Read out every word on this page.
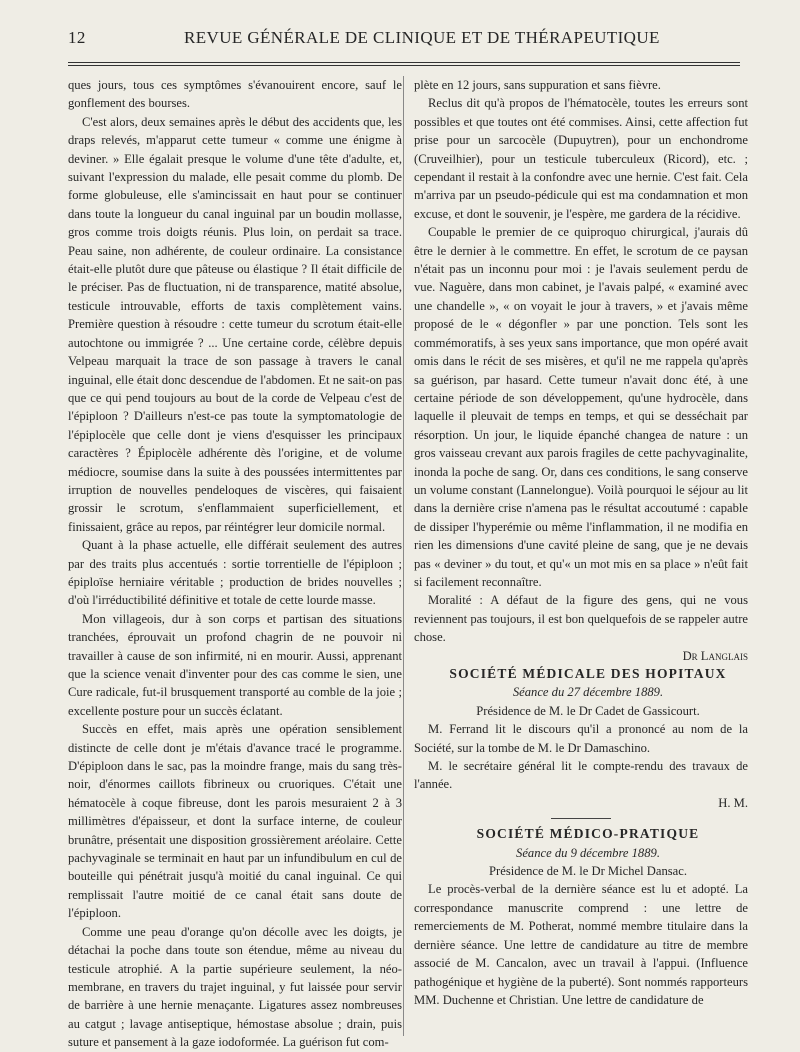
12	REVUE GÉNÉRALE DE CLINIQUE ET DE THÉRAPEUTIQUE

ques jours, tous ces symptômes s'évanouirent encore, sauf le gonflement des bourses.

C'est alors, deux semaines après le début des accidents que, les draps relevés, m'apparut cette tumeur « comme une énigme à deviner. » Elle égalait presque le volume d'une tête d'adulte, et, suivant l'expression du malade, elle pesait comme du plomb. De forme globuleuse, elle s'amincissait en haut pour se continuer dans toute la longueur du canal inguinal par un boudin mollasse, gros comme trois doigts réunis. Plus loin, on perdait sa trace. Peau saine, non adhérente, de couleur ordinaire. La consistance était-elle plutôt dure que pâteuse ou élastique ? Il était difficile de le préciser. Pas de fluctuation, ni de transparence, matité absolue, testicule introuvable, efforts de taxis complètement vains. Première question à résoudre : cette tumeur du scrotum était-elle autochtone ou immigrée ? ... Une certaine corde, célèbre depuis Velpeau marquait la trace de son passage à travers le canal inguinal, elle était donc descendue de l'abdomen. Et ne sait-on pas que ce qui pend toujours au bout de la corde de Velpeau c'est de l'épiploon ? D'ailleurs n'est-ce pas toute la symptomatologie de l'épiplocèle que celle dont je viens d'esquisser les principaux caractères ? Épiplocèle adhérente dès l'origine, et de volume médiocre, soumise dans la suite à des poussées intermittentes par irruption de nouvelles pendeloques de viscères, qui faisaient grossir le scrotum, s'enflammaient superficiellement, et finissaient, grâce au repos, par réintégrer leur domicile normal.

Quant à la phase actuelle, elle différait seulement des autres par des traits plus accentués : sortie torrentielle de l'épiploon ; épiploïse herniaire véritable ; production de brides nouvelles ; d'où l'irréductibilité définitive et totale de cette lourde masse.

Mon villageois, dur à son corps et partisan des situations tranchées, éprouvait un profond chagrin de ne pouvoir ni travailler à cause de son infirmité, ni en mourir. Aussi, apprenant que la science venait d'inventer pour des cas comme le sien, une Cure radicale, fut-il brusquement transporté au comble de la joie ; excellente posture pour un succès éclatant.

Succès en effet, mais après une opération sensiblement distincte de celle dont je m'étais d'avance tracé le programme. D'épiploon dans le sac, pas la moindre frange, mais du sang très-noir, d'énormes caillots fibrineux ou cruoriques. C'était une hématocèle à coque fibreuse, dont les parois mesuraient 2 à 3 millimètres d'épaisseur, et dont la surface interne, de couleur brunâtre, présentait une disposition grossièrement aréolaire. Cette pachyvaginale se terminait en haut par un infundibulum en cul de bouteille qui pénétrait jusqu'à moitié du canal inguinal. Ce qui remplissait l'autre moitié de ce canal était sans doute de l'épiploon.

Comme une peau d'orange qu'on décolle avec les doigts, je détachai la poche dans toute son étendue, même au niveau du testicule atrophié. A la partie supérieure seulement, la néo-membrane, en travers du trajet inguinal, y fut laissée pour servir de barrière à une hernie menaçante. Ligatures assez nombreuses au catgut ; lavage antiseptique, hémostase absolue ; drain, puis suture et pansement à la gaze iodoformée. La guérison fut com-

plète en 12 jours, sans suppuration et sans fièvre.

Reclus dit qu'à propos de l'hématocèle, toutes les erreurs sont possibles et que toutes ont été commises. Ainsi, cette affection fut prise pour un sarcocèle (Dupuytren), pour un enchondrome (Cruveilhier), pour un testicule tuberculeux (Ricord), etc. ; cependant il restait à la confondre avec une hernie. C'est fait. Cela m'arriva par un pseudo-pédicule qui est ma condamnation et mon excuse, et dont le souvenir, je l'espère, me gardera de la récidive.

Coupable le premier de ce quiproquo chirurgical, j'aurais dû être le dernier à le commettre. En effet, le scrotum de ce paysan n'était pas un inconnu pour moi : je l'avais seulement perdu de vue. Naguère, dans mon cabinet, je l'avais palpé, « examiné avec une chandelle », « on voyait le jour à travers, » et j'avais même proposé de le « dégonfler » par une ponction. Tels sont les commémoratifs, à ses yeux sans importance, que mon opéré avait omis dans le récit de ses misères, et qu'il ne me rappela qu'après sa guérison, par hasard. Cette tumeur n'avait donc été, à une certaine période de son développement, qu'une hydrocèle, dans laquelle il pleuvait de temps en temps, et qui se desséchait par résorption. Un jour, le liquide épanché changea de nature : un gros vaisseau crevant aux parois fragiles de cette pachyvaginalite, inonda la poche de sang. Or, dans ces conditions, le sang conserve un volume constant (Lannelongue). Voilà pourquoi le séjour au lit dans la dernière crise n'amena pas le résultat accoutumé : capable de dissiper l'hyperémie ou même l'inflammation, il ne modifia en rien les dimensions d'une cavité pleine de sang, que je ne devais pas « deviner » du tout, et qu'« un mot mis en sa place » n'eût fait si facilement reconnaître.

Moralité : A défaut de la figure des gens, qui ne vous reviennent pas toujours, il est bon quelquefois de se rappeler autre chose.

Dr Langlais

SOCIÉTÉ MÉDICALE DES HOPITAUX

Séance du 27 décembre 1889.

Présidence de M. le Dr Cadet de Gassicourt.

M. Ferrand lit le discours qu'il a prononcé au nom de la Société, sur la tombe de M. le Dr Damaschino.

M. le secrétaire général lit le compte-rendu des travaux de l'année.

H. M.

SOCIÉTÉ MÉDICO-PRATIQUE

Séance du 9 décembre 1889.

Présidence de M. le Dr Michel Dansac.

Le procès-verbal de la dernière séance est lu et adopté. La correspondance manuscrite comprend : une lettre de remerciements de M. Potherat, nommé membre titulaire dans la dernière séance. Une lettre de candidature au titre de membre associé de M. Cancalon, avec un travail à l'appui. (Influence pathogénique et hygiène de la puberté). Sont nommés rapporteurs MM. Duchenne et Christian. Une lettre de candidature de
